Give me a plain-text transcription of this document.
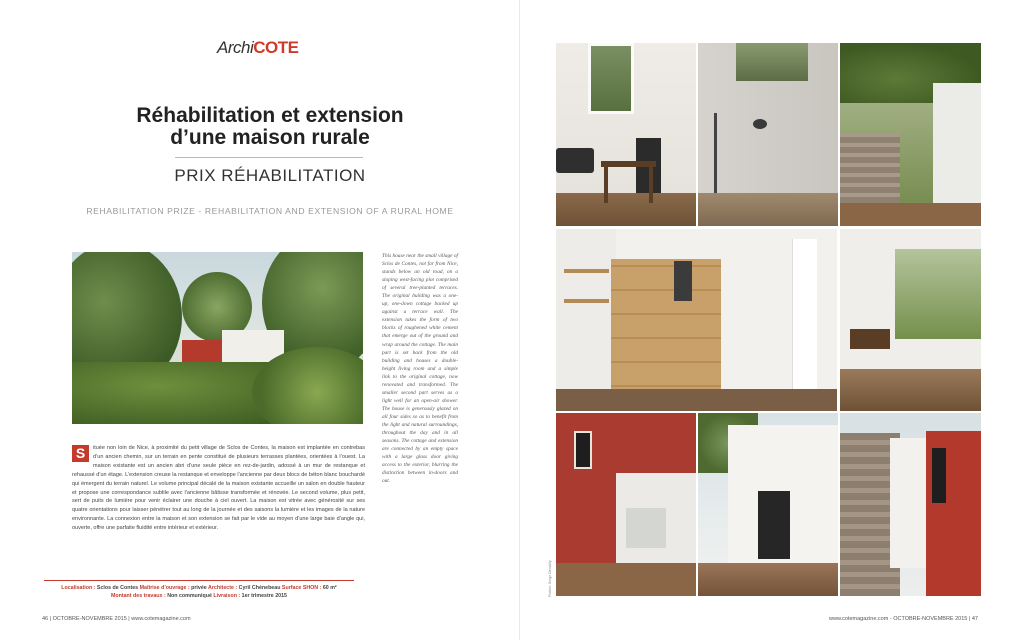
ArchiCOTE
Réhabilitation et extension
d’une maison rurale
PRIX RÉHABILITATION
REHABILITATION PRIZE - REHABILITATION AND EXTENSION OF A RURAL HOME
This house near the small village of Sclos de Contes, not far from Nice, stands below an old road, on a sloping west-facing plot comprised of several tree-planted terraces. The original building was a one-up, one-down cottage backed up against a terrace wall. The extension takes the form of two blocks of roughened white cement that emerge out of the ground and wrap around the cottage. The main part is set back from the old building and houses a double-height living room and a simple link to the original cottage, now renovated and transformed. The smaller second part serves as a light well for an open-air shower. The house is generously glazed on all four sides so as to benefit from the light and natural surroundings, throughout the day and in all seasons. The cottage and extension are connected by an empty space with a large glass door giving access to the exterior, blurring the distinction between in-doors and out.
S	ituée non loin de Nice, à proximité du petit village de Sclos de Contes, la maison est implantée en contrebas d’un ancien chemin, sur un terrain en pente constitué de plusieurs terrasses plantées, orientées à l’ouest. La maison existante est un ancien abri d’une seule pièce en rez-de-jardin, adossé à un mur de restanque et rehaussé d’un étage. L’extension creuse la restanque et enveloppe l’ancienne par deux blocs de béton blanc bouchardé qui émergent du terrain naturel. Le volume principal décalé de la maison existante accueille un salon en double hauteur et propose une correspondance subtile avec l’ancienne bâtisse transformée et rénovée. Le second volume, plus petit, sert de puits de lumière pour venir éclairer une douche à ciel ouvert. La maison est vitrée avec générosité sur ses quatre orientations pour laisser pénétrer tout au long de la journée et des saisons la lumière et les images de la nature environnante. La connexion entre la maison et son extension se fait par le vide au moyen d’une large baie d’angle qui, ouverte, offre une parfaite fluidité entre intérieur et extérieur.
Localisation : Sclos de Contes Maîtrise d’ouvrage : privée Architecte : Cyril Chénebeau Surface SHON : 60 m²
Montant des travaux : Non communiqué Livraison : 1er trimestre 2015
46 | OCTOBRE-NOVEMBRE 2015 | www.cotemagazine.com
Photos: Serge Demailly
www.cotemagazine.com - OCTOBRE-NOVEMBRE 2015 | 47
